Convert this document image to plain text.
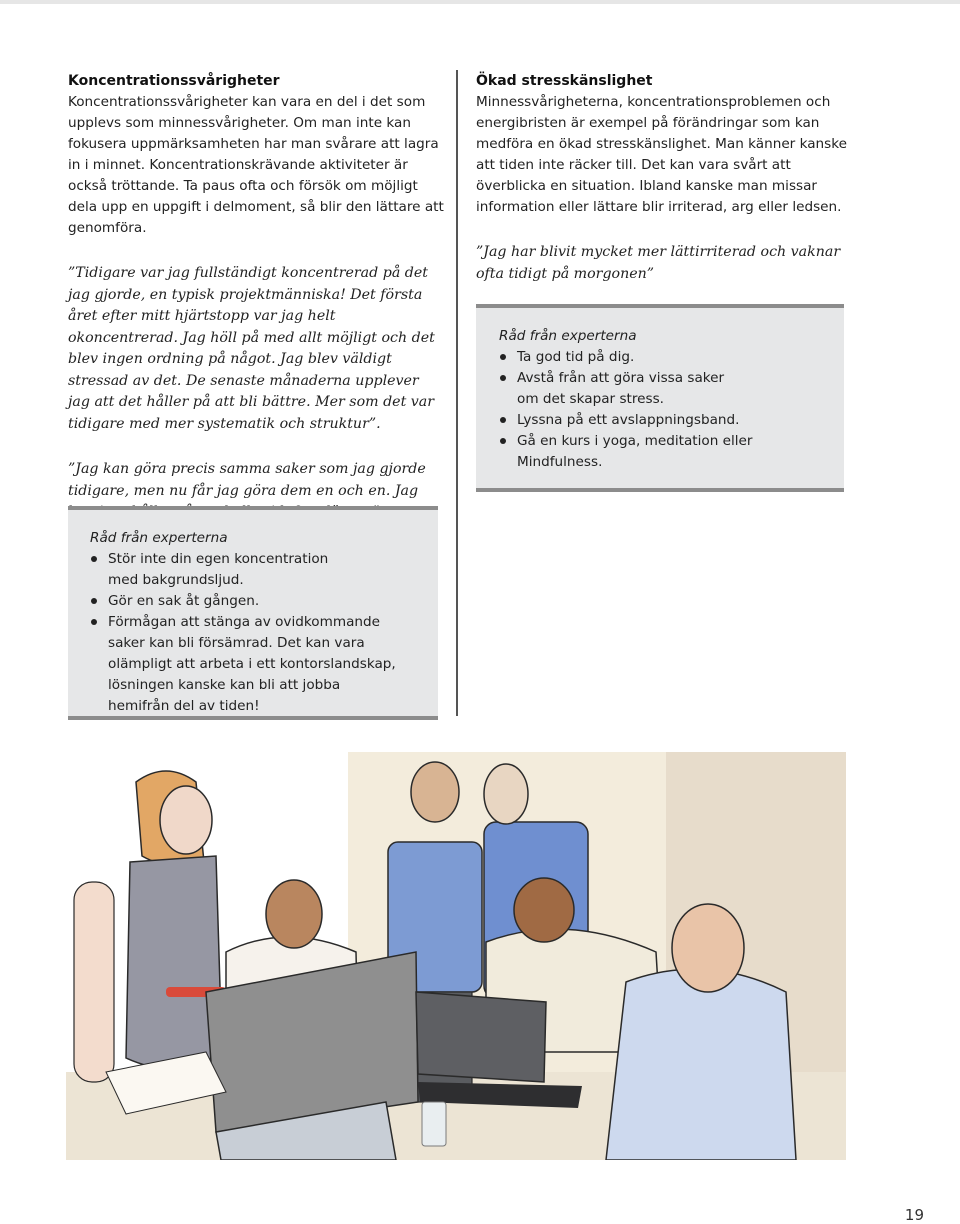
Koncentrationssvårigheter

Koncentrationssvårigheter kan vara en del i det som upplevs som minnessvårigheter. Om man inte kan fokusera uppmärksamheten har man svårare att lagra in i minnet. Koncentrationskrävande aktiviteter är också tröttande. Ta paus ofta och försök om möjligt dela upp en uppgift i delmoment, så blir den lättare att genomföra.

”Tidigare var jag fullständigt koncentrerad på det jag gjorde, en typisk projektmänniska! Det första året efter mitt hjärtstopp var jag helt okoncentrerad. Jag höll på med allt möjligt och det blev ingen ordning på något. Jag blev väldigt stressad av det. De senaste månaderna upplever jag att det håller på att bli bättre. Mer som det var tidigare med mer systematik och struktur”.

”Jag kan göra precis samma saker som jag gjorde tidigare, men nu får jag göra dem en och en. Jag

Ökad stresskänslighet

Minnessvårigheterna, koncentrationsproblemen och energibristen är exempel på förändringar som kan medföra en ökad stresskänslighet. Man känner kanske att tiden inte räcker till. Det kan vara svårt att överblicka en situation. Ibland kanske man missar information eller lättare blir irriterad, arg eller ledsen.

”Jag har blivit mycket mer lättirriterad och vaknar ofta tidigt på morgonen”

Råd från experterna

Ta god tid på dig.
Avstå från att göra vissa saker om det skapar stress.
Lyssna på ett avslappningsband.
Gå en kurs i yoga, meditation eller Mindfulness.

Råd från experterna

Stör inte din egen koncentration med bakgrundsljud.
Gör en sak åt gången.
Förmågan att stänga av ovidkommande saker kan bli försämrad. Det kan vara olämpligt att arbeta i ett kontorslandskap, lösningen kanske kan bli att jobba hemifrån del av tiden!
19
